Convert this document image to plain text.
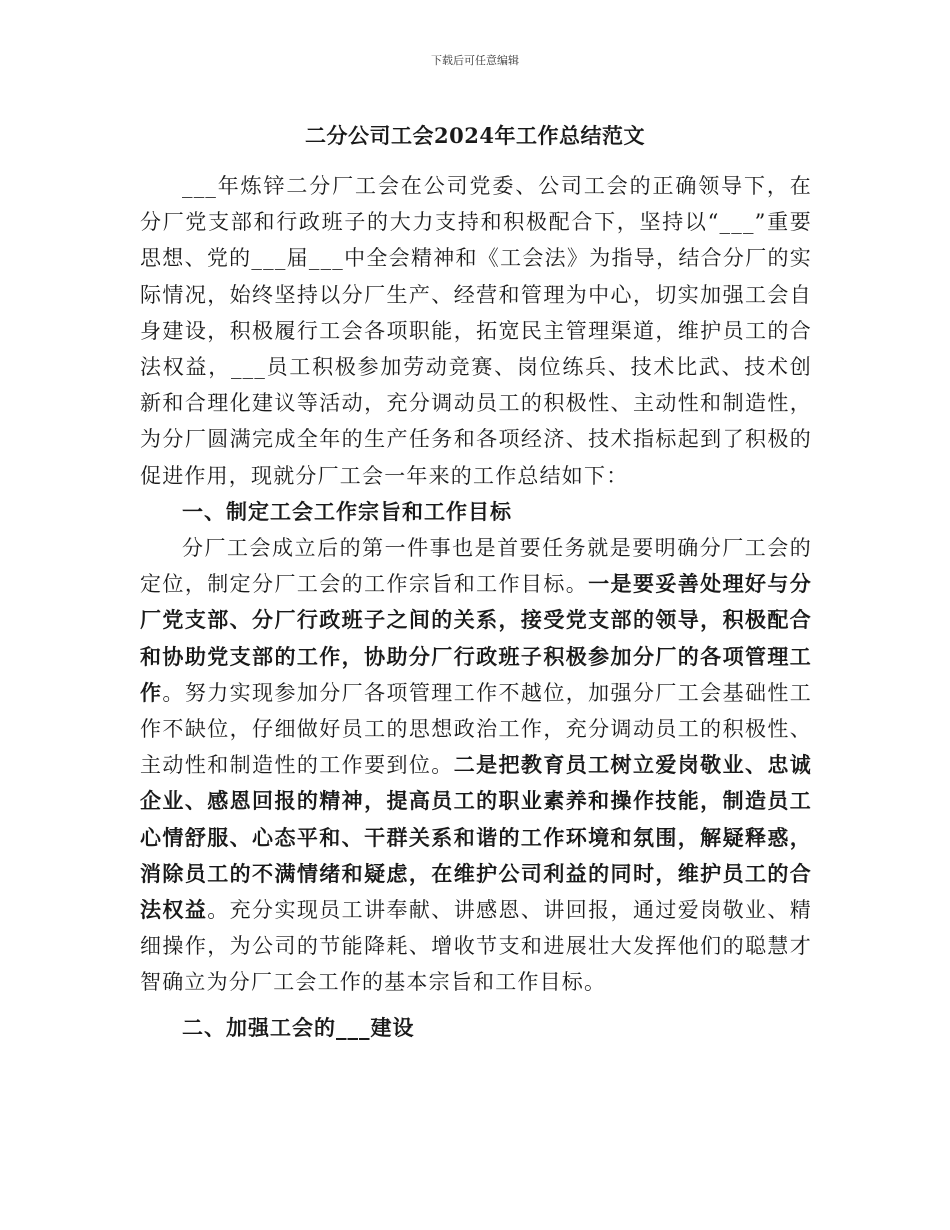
下载后可任意编辑
二分公司工会2024年工作总结范文

___年炼锌二分厂工会在公司党委、公司工会的正确领导下，在分厂党支部和行政班子的大力支持和积极配合下，坚持以“___”重要思想、党的___届___中全会精神和《工会法》为指导，结合分厂的实际情况，始终坚持以分厂生产、经营和管理为中心，切实加强工会自身建设，积极履行工会各项职能，拓宽民主管理渠道，维护员工的合法权益，___员工积极参加劳动竞赛、岗位练兵、技术比武、技术创新和合理化建议等活动，充分调动员工的积极性、主动性和制造性，为分厂圆满完成全年的生产任务和各项经济、技术指标起到了积极的促进作用，现就分厂工会一年来的工作总结如下：

一、制定工会工作宗旨和工作目标

分厂工会成立后的第一件事也是首要任务就是要明确分厂工会的定位，制定分厂工会的工作宗旨和工作目标。一是要妥善处理好与分厂党支部、分厂行政班子之间的关系，接受党支部的领导，积极配合和协助党支部的工作，协助分厂行政班子积极参加分厂的各项管理工作。努力实现参加分厂各项管理工作不越位，加强分厂工会基础性工作不缺位，仔细做好员工的思想政治工作，充分调动员工的积极性、主动性和制造性的工作要到位。二是把教育员工树立爱岗敬业、忠诚企业、感恩回报的精神，提高员工的职业素养和操作技能，制造员工心情舒服、心态平和、干群关系和谐的工作环境和氛围，解疑释惑，消除员工的不满情绪和疑虑，在维护公司利益的同时，维护员工的合法权益。充分实现员工讲奉献、讲感恩、讲回报，通过爱岗敬业、精细操作，为公司的节能降耗、增收节支和进展壮大发挥他们的聪慧才智确立为分厂工会工作的基本宗旨和工作目标。

二、加强工会的___建设
